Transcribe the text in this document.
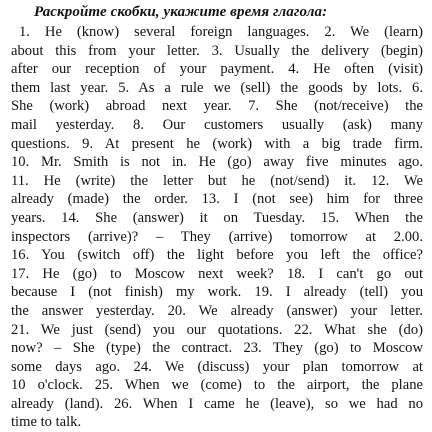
Раскройте скобки, укажите время глагола:
1. He (know) several foreign languages. 2. We (learn)
about this from your letter. 3. Usually the delivery (begin)
after our reception of your payment. 4. He often (visit)
them last year. 5. As a rule we (sell) the goods by lots. 6.
She (work) abroad next year. 7. She (not/receive) the
mail yesterday. 8. Our customers usually (ask) many
questions. 9. At present he (work) with a big trade firm.
10. Mr. Smith is not in. He (go) away five minutes ago.
11. He (write) the letter but he (not/send) it. 12. We
already (made) the order. 13. I (not see) him for three
years. 14. She (answer) it on Tuesday. 15. When the
inspectors (arrive)? – They (arrive) tomorrow at 2.00.
16. You (switch off) the light before you left the office?
17. He (go) to Moscow next week? 18. I can't go out
because I (not finish) my work. 19. I already (tell) you
the answer yesterday. 20. We already (answer) your letter.
21. We just (send) you our quotations. 22. What she (do)
now? – She (type) the contract. 23. They (go) to Moscow
some days ago. 24. We (discuss) your plan tomorrow at
10 o'clock. 25. When we (come) to the airport, the plane
already (land). 26. When I came he (leave), so we had no
time to talk.
